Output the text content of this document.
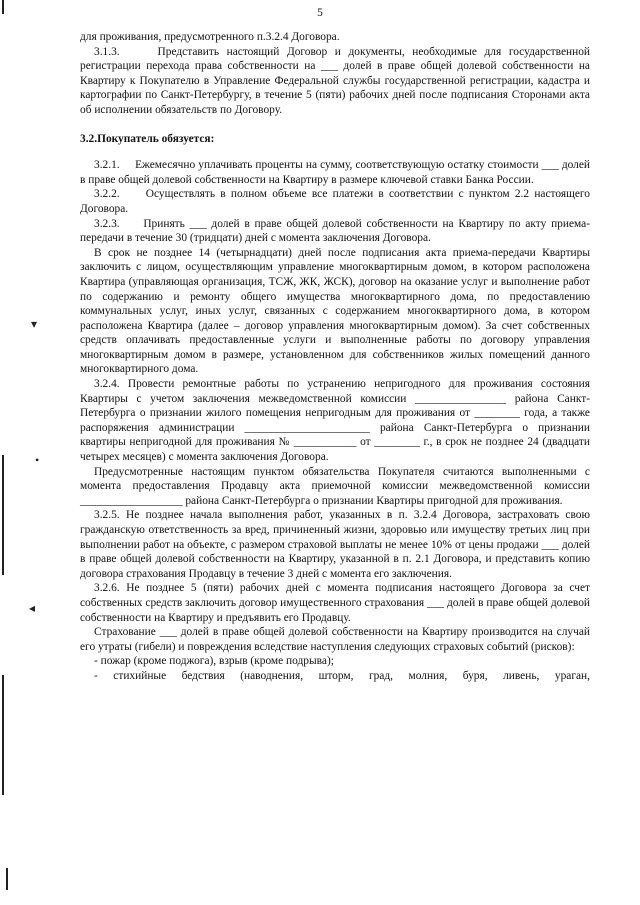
5

для проживания, предусмотренного п.3.2.4 Договора.

3.1.3.     Представить настоящий Договор и документы, необходимые для государственной регистрации перехода права собственности на ___ долей в праве общей долевой собственности на Квартиру к Покупателю в Управление Федеральной службы государственной регистрации, кадастра и картографии по Санкт-Петербургу, в течение 5 (пяти) рабочих дней после подписания Сторонами акта об исполнении обязательств по Договору.

3.2.Покупатель обязуется:

3.2.1.     Ежемесячно уплачивать проценты на сумму, соответствующую остатку стоимости ___ долей в праве общей долевой собственности на Квартиру в размере ключевой ставки Банка России.

3.2.2.     Осуществлять в полном объеме все платежи в соответствии с пунктом 2.2 настоящего Договора.

3.2.3.     Принять ___ долей в праве общей долевой собственности на Квартиру по акту приема-передачи в течение 30 (тридцати) дней с момента заключения Договора.

В срок не позднее 14 (четырнадцати) дней после подписания акта приема-передачи Квартиры заключить с лицом, осуществляющим управление многоквартирным домом, в котором расположена Квартира (управляющая организация, ТСЖ, ЖК, ЖСК), договор на оказание услуг и выполнение работ по содержанию и ремонту общего имущества многоквартирного дома, по предоставлению коммунальных услуг, иных услуг, связанных с содержанием многоквартирного дома, в котором расположена Квартира (далее – договор управления многоквартирным домом). За счет собственных средств оплачивать предоставленные услуги и выполненные работы по договору управления многоквартирным домом в размере, установленном для собственников жилых помещений данного многоквартирного дома.

3.2.4. Провести ремонтные работы по устранению непригодного для проживания состояния Квартиры с учетом заключения межведомственной комиссии ________________ района Санкт-Петербурга о признании жилого помещения непригодным для проживания от ________ года, а также распоряжения администрации ______________________ района Санкт-Петербурга о признании квартиры непригодной для проживания № ___________ от ________ г., в срок не позднее 24 (двадцати четырех месяцев) с момента заключения Договора.

Предусмотренные настоящим пунктом обязательства Покупателя считаются выполненными с момента предоставления Продавцу акта приемочной комиссии межведомственной комиссии __________________ района Санкт-Петербурга о признании Квартиры пригодной для проживания.

3.2.5. Не позднее начала выполнения работ, указанных в п. 3.2.4 Договора, застраховать свою гражданскую ответственность за вред, причиненный жизни, здоровью или имуществу третьих лиц при выполнении работ на объекте, с размером страховой выплаты не менее 10% от цены продажи ___ долей в праве общей долевой собственности на Квартиру, указанной в п. 2.1 Договора, и представить копию договора страхования Продавцу в течение 3 дней с момента его заключения.

3.2.6. Не позднее 5 (пяти) рабочих дней с момента подписания настоящего Договора за счет собственных средств заключить договор имущественного страхования ___ долей в праве общей долевой собственности на Квартиру и предъявить его Продавцу.

Страхование ___ долей в праве общей долевой собственности на Квартиру производится на случай его утраты (гибели) и повреждения вследствие наступления следующих страховых событий (рисков):

- пожар (кроме поджога), взрыв (кроме подрыва);

- стихийные бедствия (наводнения, шторм, град, молния, буря, ливень, ураган,

▾
•
◂
